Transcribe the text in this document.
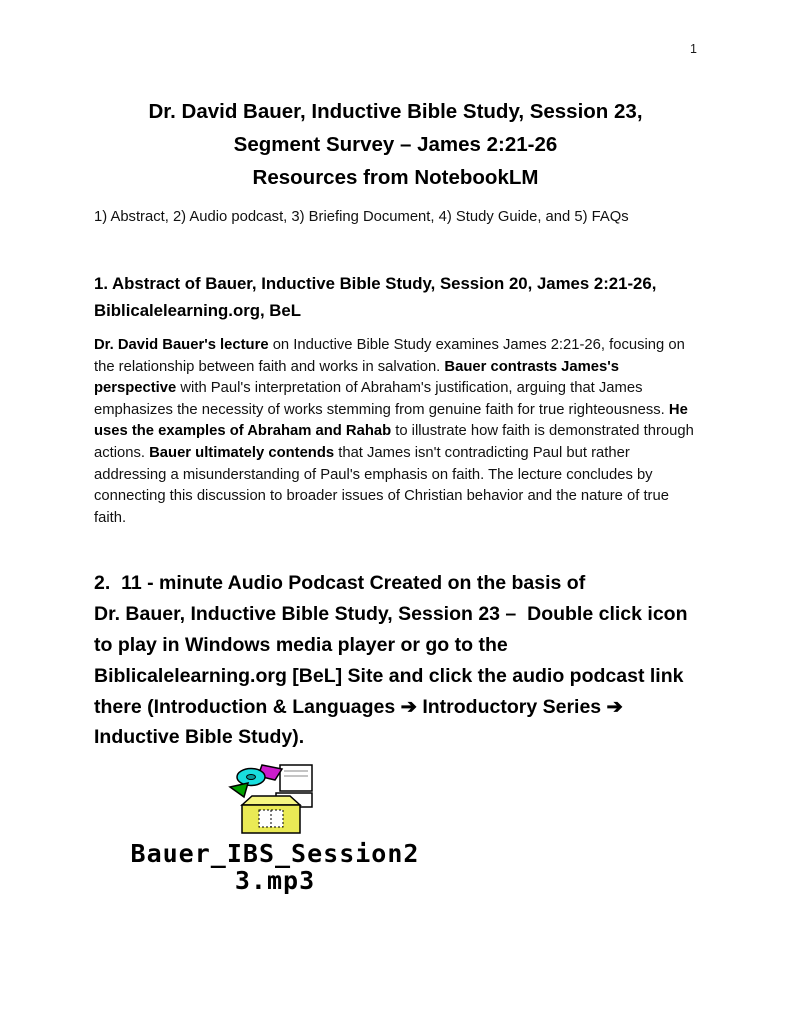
1
Dr. David Bauer, Inductive Bible Study, Session 23,
Segment Survey – James 2:21-26
Resources from NotebookLM
1) Abstract, 2) Audio podcast, 3) Briefing Document, 4) Study Guide, and 5) FAQs
1. Abstract of Bauer, Inductive Bible Study, Session 20, James 2:21-26, Biblicalelearning.org, BeL
Dr. David Bauer's lecture on Inductive Bible Study examines James 2:21-26, focusing on the relationship between faith and works in salvation. Bauer contrasts James's perspective with Paul's interpretation of Abraham's justification, arguing that James emphasizes the necessity of works stemming from genuine faith for true righteousness. He uses the examples of Abraham and Rahab to illustrate how faith is demonstrated through actions. Bauer ultimately contends that James isn't contradicting Paul but rather addressing a misunderstanding of Paul's emphasis on faith. The lecture concludes by connecting this discussion to broader issues of Christian behavior and the nature of true faith.
2.  11 - minute Audio Podcast Created on the basis of
Dr. Bauer, Inductive Bible Study, Session 23 –  Double click icon
to play in Windows media player or go to the
Biblicalelearning.org [BeL] Site and click the audio podcast link
there (Introduction & Languages ➔ Introductory Series ➔
Inductive Bible Study).
Bauer_IBS_Session2
3.mp3
